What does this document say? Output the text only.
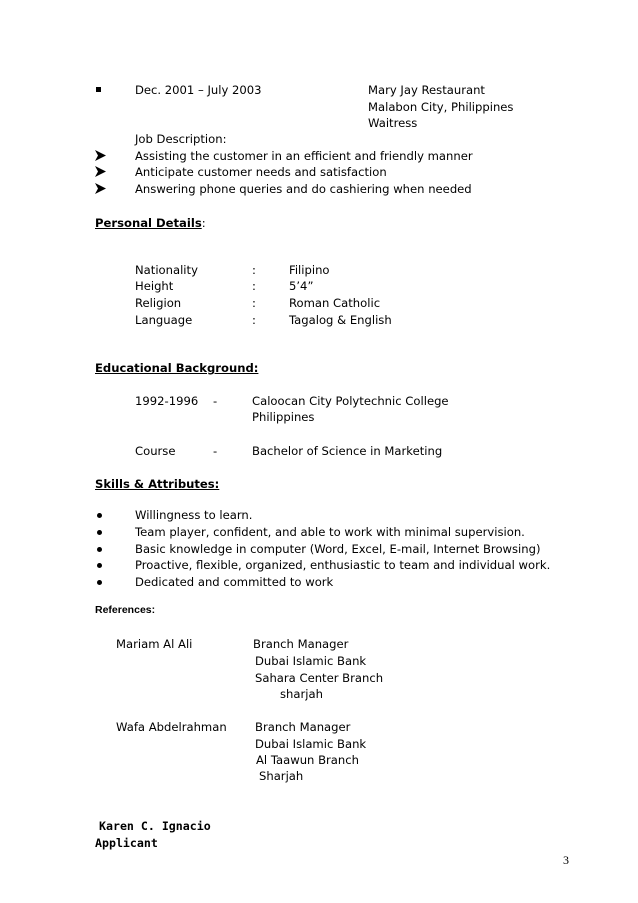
Dec. 2001 – July 2003	Mary Jay Restaurant
Malabon City, Philippines
Waitress
Job Description:
Assisting the customer in an efficient and friendly manner
Anticipate customer needs and satisfaction
Answering phone queries and do cashiering when needed
Personal Details:
Nationality	:	Filipino
Height	:	5’4”
Religion	:	Roman Catholic
Language	:	Tagalog & English
Educational Background:
1992-1996 -	Caloocan City Polytechnic College
Philippines
Course	-	Bachelor of Science in Marketing
Skills & Attributes:
Willingness to learn.
Team player, confident, and able to work with minimal supervision.
Basic knowledge in computer (Word, Excel, E-mail, Internet Browsing)
Proactive, flexible, organized, enthusiastic to team and individual work.
Dedicated and committed to work
References:
Mariam Al Ali	Branch Manager
Dubai Islamic Bank
Sahara Center Branch
sharjah
Wafa Abdelrahman Branch Manager
Dubai Islamic Bank
Al Taawun Branch
Sharjah
Karen C. Ignacio
Applicant
3
